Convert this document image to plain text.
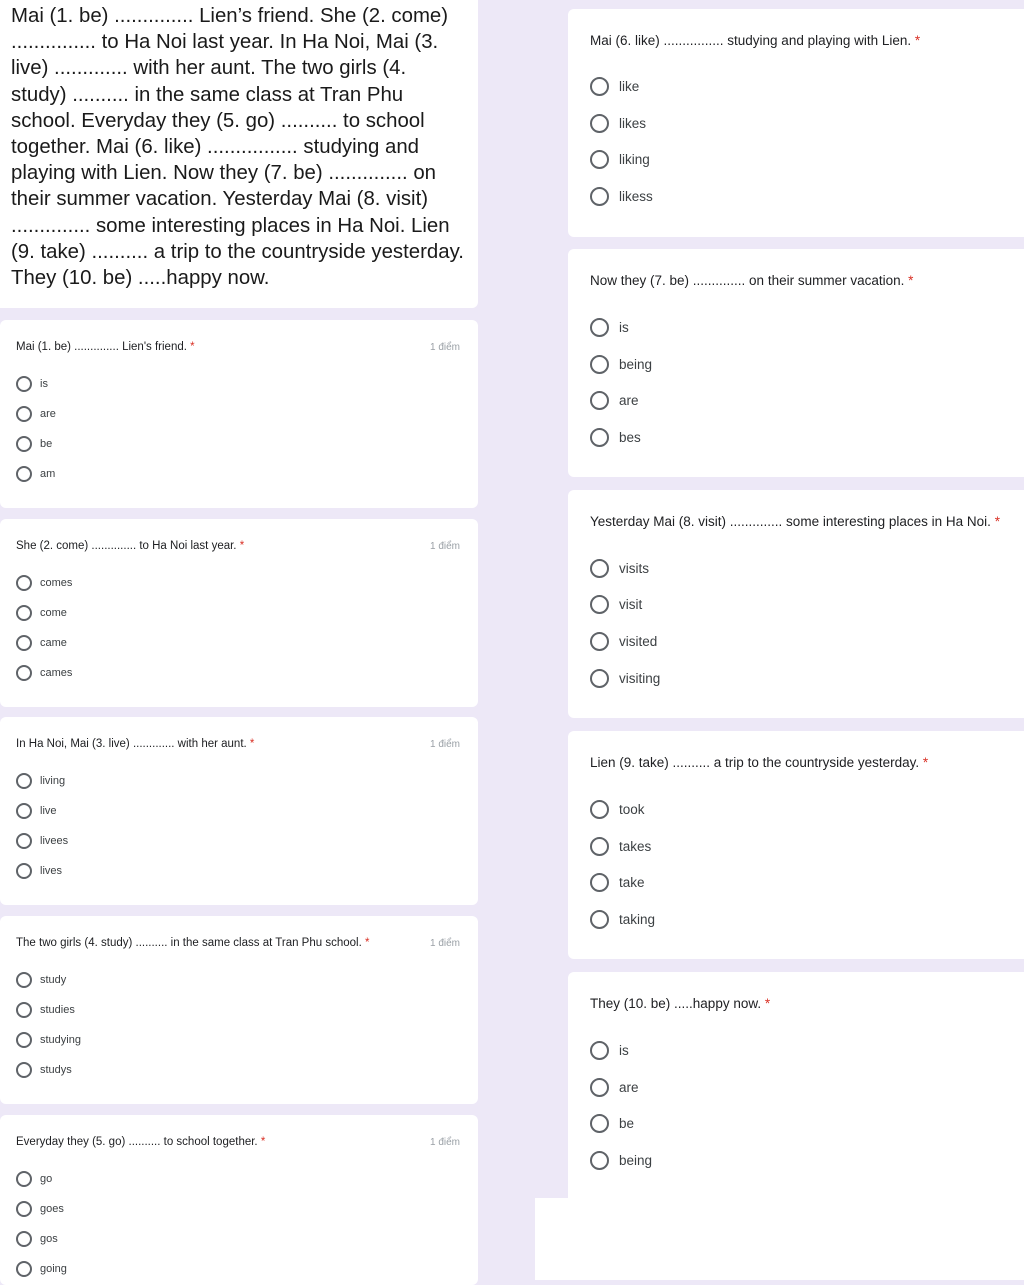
Mai (1. be) .............. Lien’s friend. She (2. come)
............... to Ha Noi last year. In Ha Noi, Mai (3.
live) ............. with her aunt. The two girls (4.
study) .......... in the same class at Tran Phu
school. Everyday they (5. go) .......... to school
together. Mai (6. like) ................ studying and
playing with Lien. Now they (7. be) .............. on
their summer vacation. Yesterday Mai (8. visit)
.............. some interesting places in Ha Noi. Lien
(9. take) .......... a trip to the countryside yesterday.
They (10. be) .....happy now.
Mai (1. be) .............. Lien's friend. *	1 điểm
is
are
be
am
She (2. come) .............. to Ha Noi last year. *	1 điểm
comes
come
came
cames
In Ha Noi, Mai (3. live) ............. with her aunt. *	1 điểm
living
live
livees
lives
The two girls (4. study) .......... in the same class at Tran Phu school. *	1 điểm
study
studies
studying
studys
Everyday they (5. go) .......... to school together. *	1 điểm
go
goes
gos
going
Mai (6. like) ................ studying and playing with Lien. *
like
likes
liking
likess
Now they (7. be) .............. on their summer vacation. *
is
being
are
bes
Yesterday Mai (8. visit) .............. some interesting places in Ha Noi. *
visits
visit
visited
visiting
Lien (9. take) .......... a trip to the countryside yesterday. *
took
takes
take
taking
They (10. be) .....happy now. *
is
are
be
being
